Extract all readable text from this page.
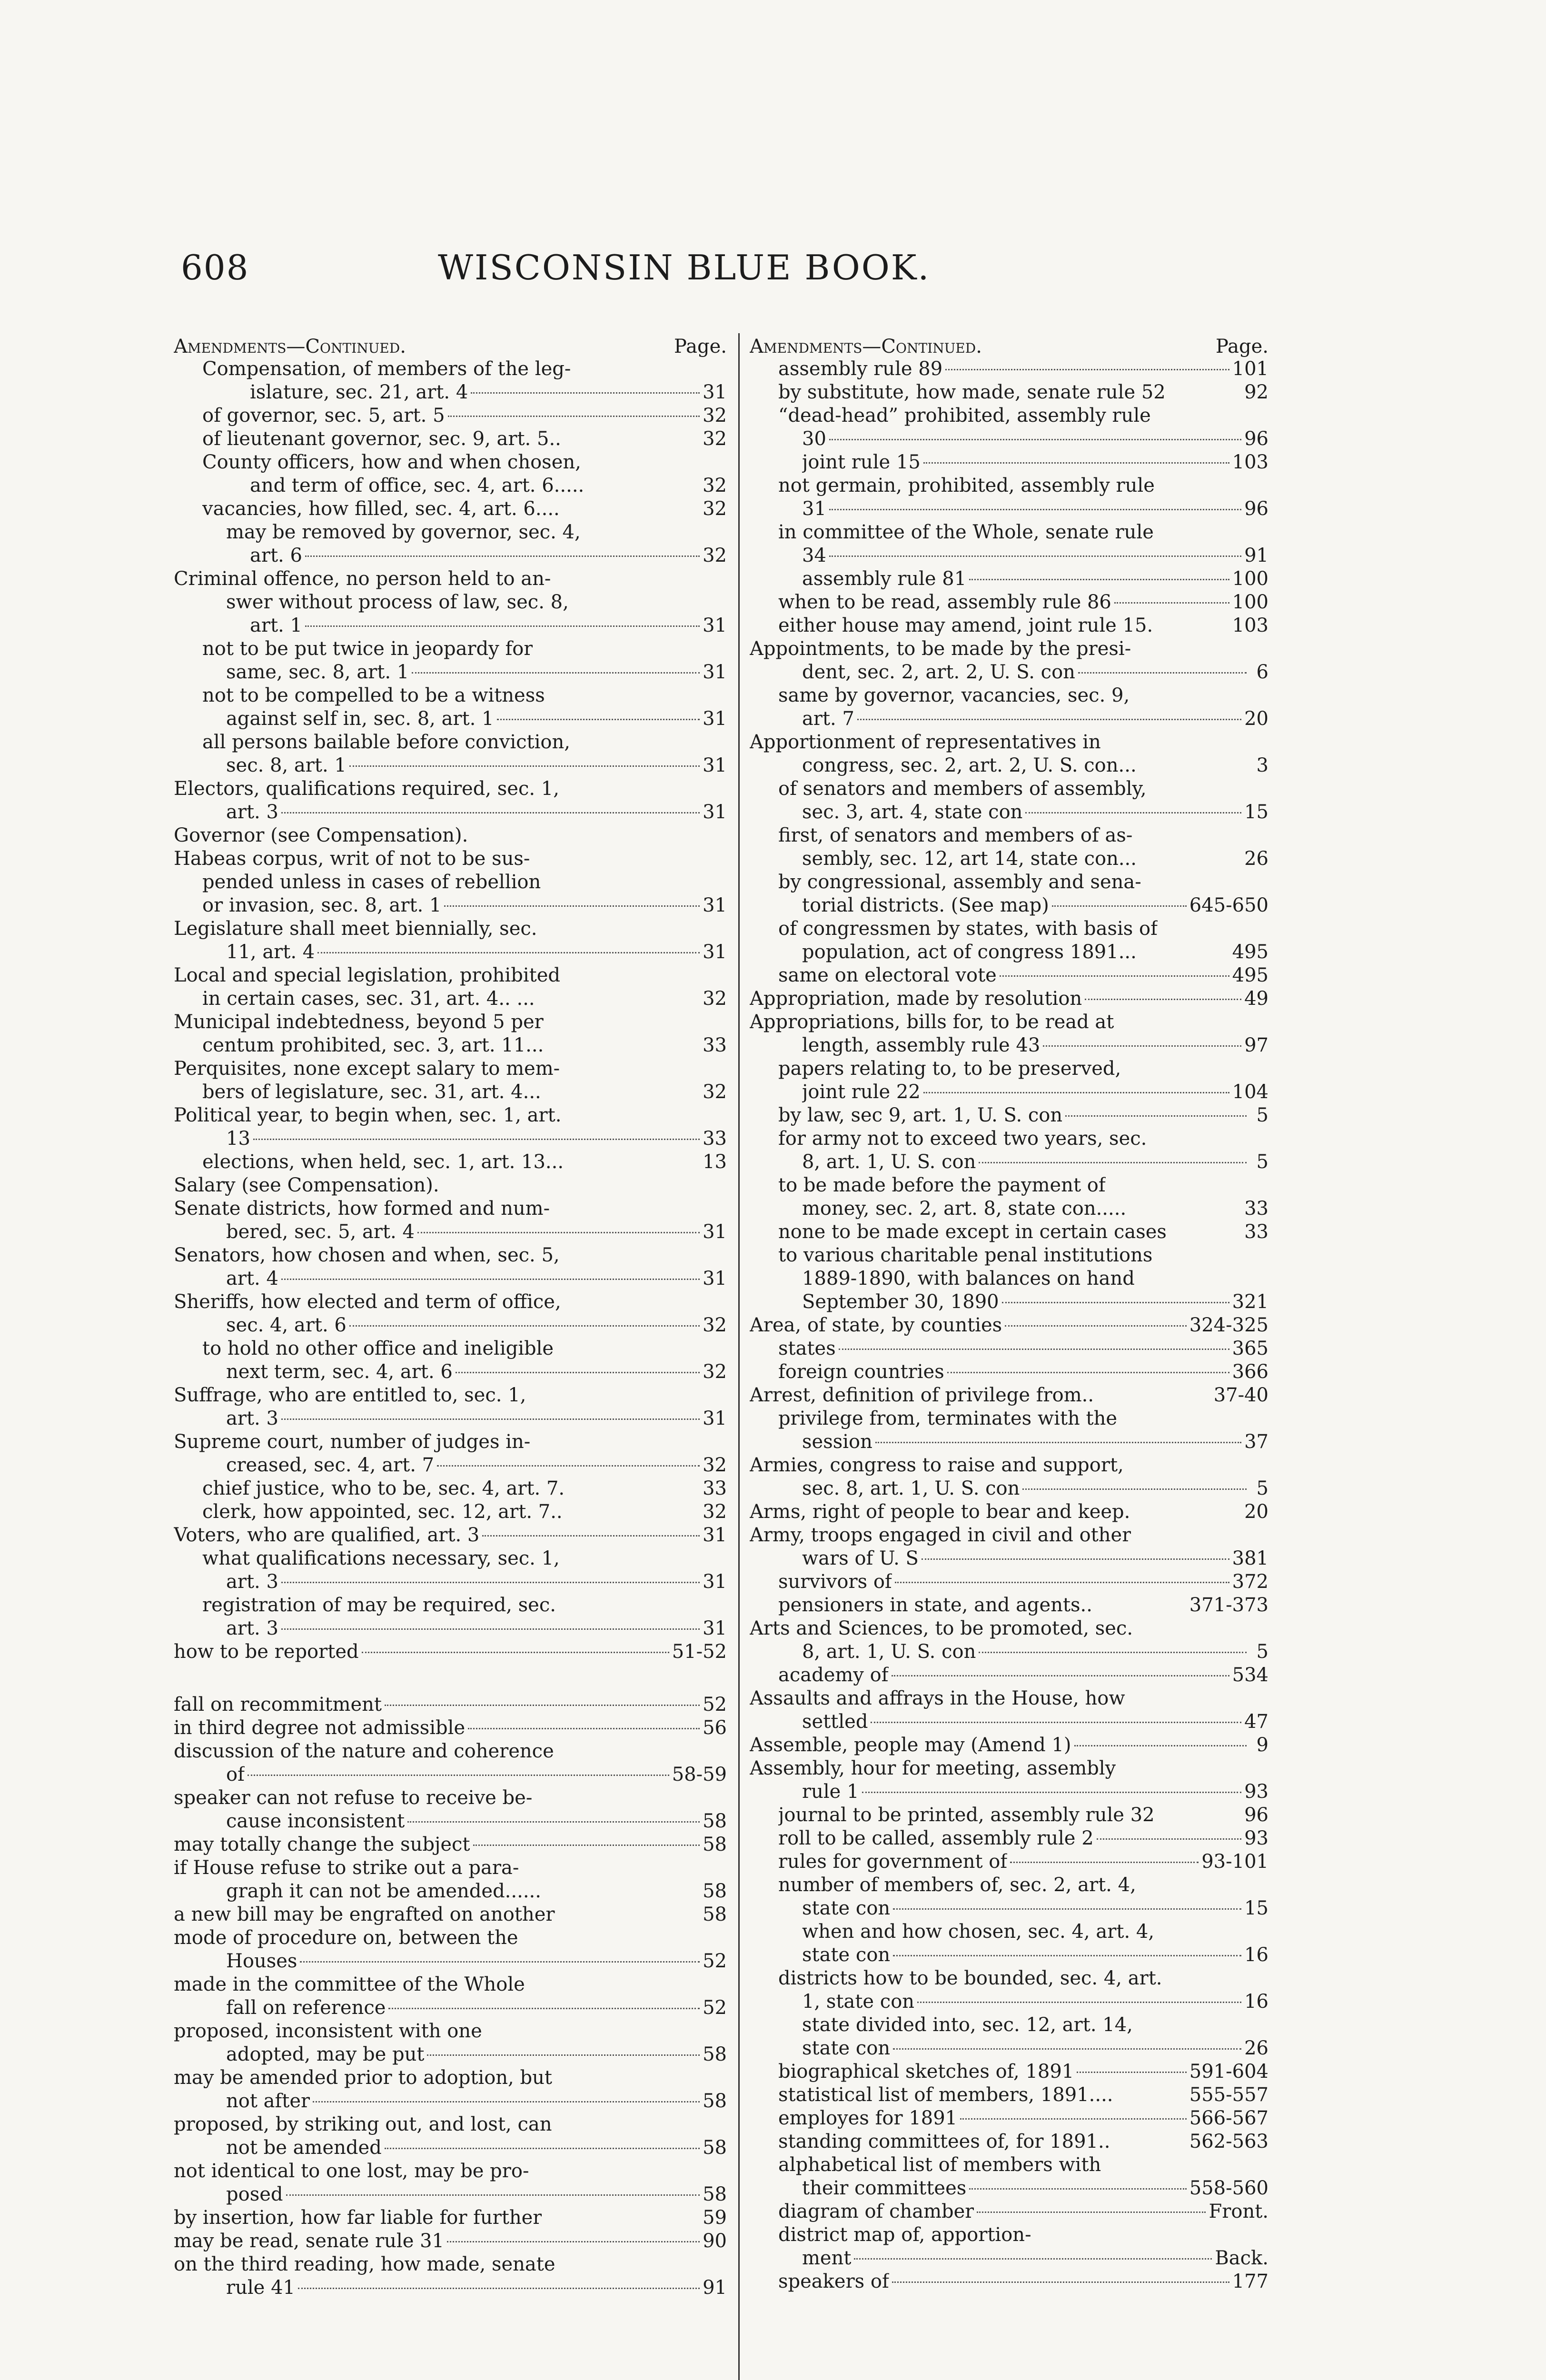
608	WISCONSIN BLUE BOOK.
Amendments—Continued.	Page.
Compensation, of members of the leg-
islature, sec. 21, art. 4	31
of governor, sec. 5, art. 5	32
of lieutenant governor, sec. 9, art. 5..	32
County officers, how and when chosen,
and term of office, sec. 4, art. 6.....	32
vacancies, how filled, sec. 4, art. 6....	32
may be removed by governor, sec. 4,
art. 6	32
Criminal offence, no person held to an-
swer without process of law, sec. 8,
art. 1	31
not to be put twice in jeopardy for
same, sec. 8, art. 1	31
not to be compelled to be a witness
against self in, sec. 8, art. 1	31
all persons bailable before conviction,
sec. 8, art. 1	31
Electors, qualifications required, sec. 1,
art. 3	31
Governor (see Compensation).
Habeas corpus, writ of not to be sus-
pended unless in cases of rebellion
or invasion, sec. 8, art. 1	31
Legislature shall meet biennially, sec.
11, art. 4	31
Local and special legislation, prohibited
in certain cases, sec. 31, art. 4.. ...	32
Municipal indebtedness, beyond 5 per
centum prohibited, sec. 3, art. 11...	33
Perquisites, none except salary to mem-
bers of legislature, sec. 31, art. 4...	32
Political year, to begin when, sec. 1, art.
13	33
elections, when held, sec. 1, art. 13...	13
Salary (see Compensation).
Senate districts, how formed and num-
bered, sec. 5, art. 4	31
Senators, how chosen and when, sec. 5,
art. 4	31
Sheriffs, how elected and term of office,
sec. 4, art. 6	32
to hold no other office and ineligible
next term, sec. 4, art. 6	32
Suffrage, who are entitled to, sec. 1,
art. 3	31
Supreme court, number of judges in-
creased, sec. 4, art. 7	32
chief justice, who to be, sec. 4, art. 7.	33
clerk, how appointed, sec. 12, art. 7..	32
Voters, who are qualified, art. 3	31
what qualifications necessary, sec. 1,
art. 3	31
registration of may be required, sec.
art. 3	31
how to be reported	51-52
fall on recommitment	52
in third degree not admissible	56
discussion of the nature and coherence
of	58-59
speaker can not refuse to receive be-
cause inconsistent	58
may totally change the subject	58
if House refuse to strike out a para-
graph it can not be amended......	58
a new bill may be engrafted on another	58
mode of procedure on, between the
Houses	52
made in the committee of the Whole
fall on reference	52
proposed, inconsistent with one
adopted, may be put	58
may be amended prior to adoption, but
not after	58
proposed, by striking out, and lost, can
not be amended	58
not identical to one lost, may be pro-
posed	58
by insertion, how far liable for further	59
may be read, senate rule 31	90
on the third reading, how made, senate
rule 41	91
Amendments—Continued.	Page.
assembly rule 89	101
by substitute, how made, senate rule 52	92
“dead-head” prohibited, assembly rule
30	96
joint rule 15	103
not germain, prohibited, assembly rule
31	96
in committee of the Whole, senate rule
34	91
assembly rule 81	100
when to be read, assembly rule 86	100
either house may amend, joint rule 15.	103
Appointments, to be made by the presi-
dent, sec. 2, art. 2, U. S. con	6
same by governor, vacancies, sec. 9,
art. 7	20
Apportionment of representatives in
congress, sec. 2, art. 2, U. S. con...	3
of senators and members of assembly,
sec. 3, art. 4, state con	15
first, of senators and members of as-
sembly, sec. 12, art 14, state con...	26
by congressional, assembly and sena-
torial districts. (See map)	645-650
of congressmen by states, with basis of
population, act of congress 1891...	495
same on electoral vote	495
Appropriation, made by resolution	49
Appropriations, bills for, to be read at
length, assembly rule 43	97
papers relating to, to be preserved,
joint rule 22	104
by law, sec 9, art. 1, U. S. con	5
for army not to exceed two years, sec.
8, art. 1, U. S. con	5
to be made before the payment of
money, sec. 2, art. 8, state con.....	33
none to be made except in certain cases	33
to various charitable penal institutions
1889-1890, with balances on hand
September 30, 1890	321
Area, of state, by counties	324-325
states	365
foreign countries	366
Arrest, definition of privilege from..	37-40
privilege from, terminates with the
session	37
Armies, congress to raise and support,
sec. 8, art. 1, U. S. con	5
Arms, right of people to bear and keep.	20
Army, troops engaged in civil and other
wars of U. S	381
survivors of	372
pensioners in state, and agents..	371-373
Arts and Sciences, to be promoted, sec.
8, art. 1, U. S. con	5
academy of	534
Assaults and affrays in the House, how
settled	47
Assemble, people may (Amend 1)	9
Assembly, hour for meeting, assembly
rule 1	93
journal to be printed, assembly rule 32	96
roll to be called, assembly rule 2	93
rules for government of	93-101
number of members of, sec. 2, art. 4,
state con	15
when and how chosen, sec. 4, art. 4,
state con	16
districts how to be bounded, sec. 4, art.
1, state con	16
state divided into, sec. 12, art. 14,
state con	26
biographical sketches of, 1891	591-604
statistical list of members, 1891....	555-557
employes for 1891	566-567
standing committees of, for 1891..	562-563
alphabetical list of members with
their committees	558-560
diagram of chamber	Front.
district map of, apportion-
ment	Back.
speakers of	177
